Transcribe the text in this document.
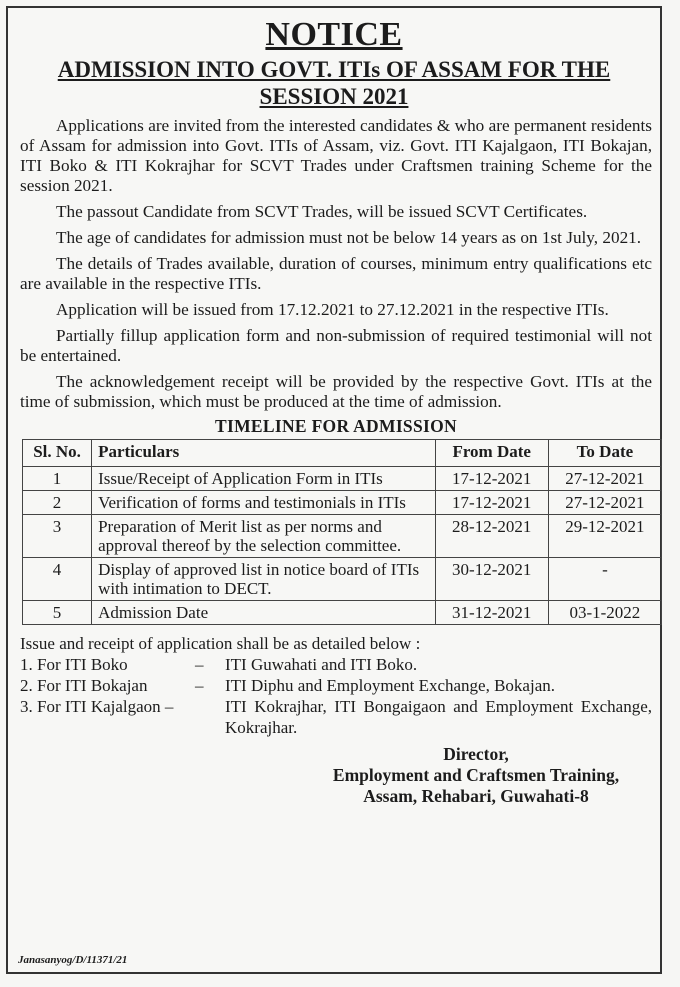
NOTICE
ADMISSION INTO GOVT. ITIs OF ASSAM FOR THE SESSION 2021

Applications are invited from the interested candidates & who are permanent residents of Assam for admission into Govt. ITIs of Assam, viz. Govt. ITI Kajalgaon, ITI Bokajan, ITI Boko & ITI Kokrajhar for SCVT Trades under Craftsmen training Scheme for the session 2021.

The passout Candidate from SCVT Trades, will be issued SCVT Certificates.

The age of candidates for admission must not be below 14 years as on 1st July, 2021.

The details of Trades available, duration of courses, minimum entry qualifications etc are available in the respective ITIs.

Application will be issued from 17.12.2021 to 27.12.2021 in the respective ITIs.

Partially fillup application form and non-submission of required testimonial will not be entertained.

The acknowledgement receipt will be provided by the respective Govt. ITIs at the time of submission, which must be produced at the time of admission.

TIMELINE FOR ADMISSION
Sl. No.	Particulars	From Date	To Date
1	Issue/Receipt of Application Form in ITIs	17-12-2021	27-12-2021
2	Verification of forms and testimonials in ITIs	17-12-2021	27-12-2021
3	Preparation of Merit list as per norms and approval thereof by the selection committee.	28-12-2021	29-12-2021
4	Display of approved list in notice board of ITIs with intimation to DECT.	30-12-2021	-
5	Admission Date	31-12-2021	03-1-2022
Issue and receipt of application shall be as detailed below :
1. For ITI Boko	–	ITI Guwahati and ITI Boko.
2. For ITI Bokajan	–	ITI Diphu and Employment Exchange, Bokajan.
3. For ITI Kajalgaon –	ITI Kokrajhar, ITI Bongaigaon and Employment Exchange, Kokrajhar.
Director,
Employment and Craftsmen Training,
Assam, Rehabari, Guwahati-8
Janasanyog/D/11371/21
